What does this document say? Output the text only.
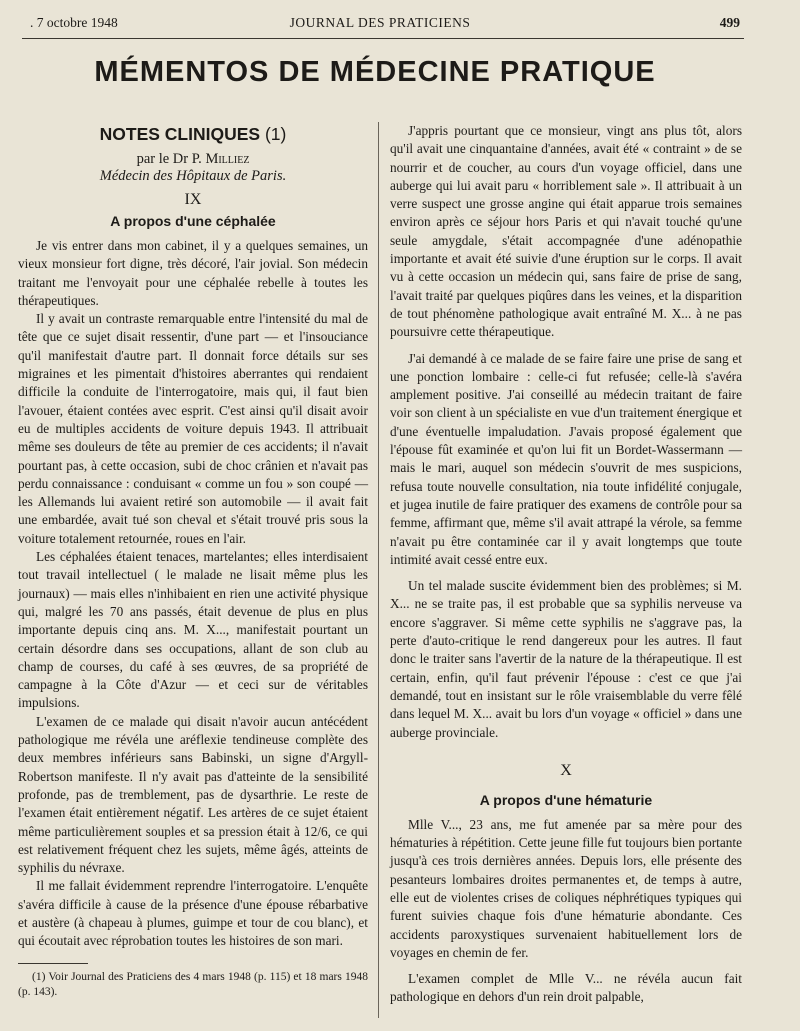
. 7 octobre 1948	JOURNAL DES PRATICIENS	499
MÉMENTOS DE MÉDECINE PRATIQUE
NOTES CLINIQUES (1)
par le Dr P. Milliez
Médecin des Hôpitaux de Paris.
IX
A propos d'une céphalée

Je vis entrer dans mon cabinet, il y a quelques semaines, un vieux monsieur fort digne, très décoré, l'air jovial. Son médecin traitant me l'envoyait pour une céphalée rebelle à toutes les thérapeutiques.

Il y avait un contraste remarquable entre l'intensité du mal de tête que ce sujet disait ressentir, d'une part — et l'insouciance qu'il manifestait d'autre part. Il donnait force détails sur ses migraines et les pimentait d'histoires aberrantes qui rendaient difficile la conduite de l'interrogatoire, mais qui, il faut bien l'avouer, étaient contées avec esprit. C'est ainsi qu'il disait avoir eu de multiples accidents de voiture depuis 1943. Il attribuait même ses douleurs de tête au premier de ces accidents; il n'avait pourtant pas, à cette occasion, subi de choc crânien et n'avait pas perdu connaissance : conduisant « comme un fou » son coupé — les Allemands lui avaient retiré son automobile — il avait fait une embardée, avait tué son cheval et s'était trouvé pris sous la voiture totalement retournée, roues en l'air.

Les céphalées étaient tenaces, martelantes; elles interdisaient tout travail intellectuel ( le malade ne lisait même plus les journaux) — mais elles n'inhibaient en rien une activité physique qui, malgré les 70 ans passés, était devenue de plus en plus importante depuis cinq ans. M. X..., manifestait pourtant un certain désordre dans ses occupations, allant de son club au champ de courses, du café à ses œuvres, de sa propriété de campagne à la Côte d'Azur — et ceci sur de véritables impulsions.

L'examen de ce malade qui disait n'avoir aucun antécédent pathologique me révéla une aréflexie tendineuse complète des deux membres inférieurs sans Babinski, un signe d'Argyll-Robertson manifeste. Il n'y avait pas d'atteinte de la sensibilité profonde, pas de tremblement, pas de dysarthrie. Le reste de l'examen était entièrement négatif. Les artères de ce sujet étaient même particulièrement souples et sa pression était à 12/6, ce qui est relativement fréquent chez les sujets, même âgés, atteints de syphilis du névraxe.

Il me fallait évidemment reprendre l'interrogatoire. L'enquête s'avéra difficile à cause de la présence d'une épouse rébarbative et austère (à chapeau à plumes, guimpe et tour de cou blanc), et qui écoutait avec réprobation toutes les histoires de son mari.

(1) Voir Journal des Praticiens des 4 mars 1948 (p. 115) et 18 mars 1948 (p. 143).

J'appris pourtant que ce monsieur, vingt ans plus tôt, alors qu'il avait une cinquantaine d'années, avait été « contraint » de se nourrir et de coucher, au cours d'un voyage officiel, dans une auberge qui lui avait paru « horriblement sale ». Il attribuait à un verre suspect une grosse angine qui était apparue trois semaines environ après ce séjour hors Paris et qui n'avait touché qu'une seule amygdale, s'était accompagnée d'une adénopathie importante et avait été suivie d'une éruption sur le corps. Il avait vu à cette occasion un médecin qui, sans faire de prise de sang, l'avait traité par quelques piqûres dans les veines, et la disparition de tout phénomène pathologique avait entraîné M. X... à ne pas poursuivre cette thérapeutique.

J'ai demandé à ce malade de se faire faire une prise de sang et une ponction lombaire : celle-ci fut refusée; celle-là s'avéra amplement positive. J'ai conseillé au médecin traitant de faire voir son client à un spécialiste en vue d'un traitement énergique et d'une éventuelle impaludation. J'avais proposé également que l'épouse fût examinée et qu'on lui fit un Bordet-Wassermann — mais le mari, auquel son médecin s'ouvrit de mes suspicions, refusa toute nouvelle consultation, nia toute infidélité conjugale, et jugea inutile de faire pratiquer des examens de contrôle pour sa femme, affirmant que, même s'il avait attrapé la vérole, sa femme n'avait pu être contaminée car il y avait longtemps que toute intimité avait cessé entre eux.

Un tel malade suscite évidemment bien des problèmes; si M. X... ne se traite pas, il est probable que sa syphilis nerveuse va encore s'aggraver. Si même cette syphilis ne s'aggrave pas, la perte d'auto-critique le rend dangereux pour les autres. Il faut donc le traiter sans l'avertir de la nature de la thérapeutique. Il est certain, enfin, qu'il faut prévenir l'épouse : c'est ce que j'ai demandé, tout en insistant sur le rôle vraisemblable du verre fêlé dans lequel M. X... avait bu lors d'un voyage « officiel » dans une auberge provinciale.

X
A propos d'une hématurie

Mlle V..., 23 ans, me fut amenée par sa mère pour des hématuries à répétition. Cette jeune fille fut toujours bien portante jusqu'à ces trois dernières années. Depuis lors, elle présente des pesanteurs lombaires droites permanentes et, de temps à autre, elle eut de violentes crises de coliques néphrétiques typiques qui furent suivies chaque fois d'une hématurie abondante. Ces accidents paroxystiques survenaient habituellement lors de voyages en chemin de fer.

L'examen complet de Mlle V... ne révéla aucun fait pathologique en dehors d'un rein droit palpable,
